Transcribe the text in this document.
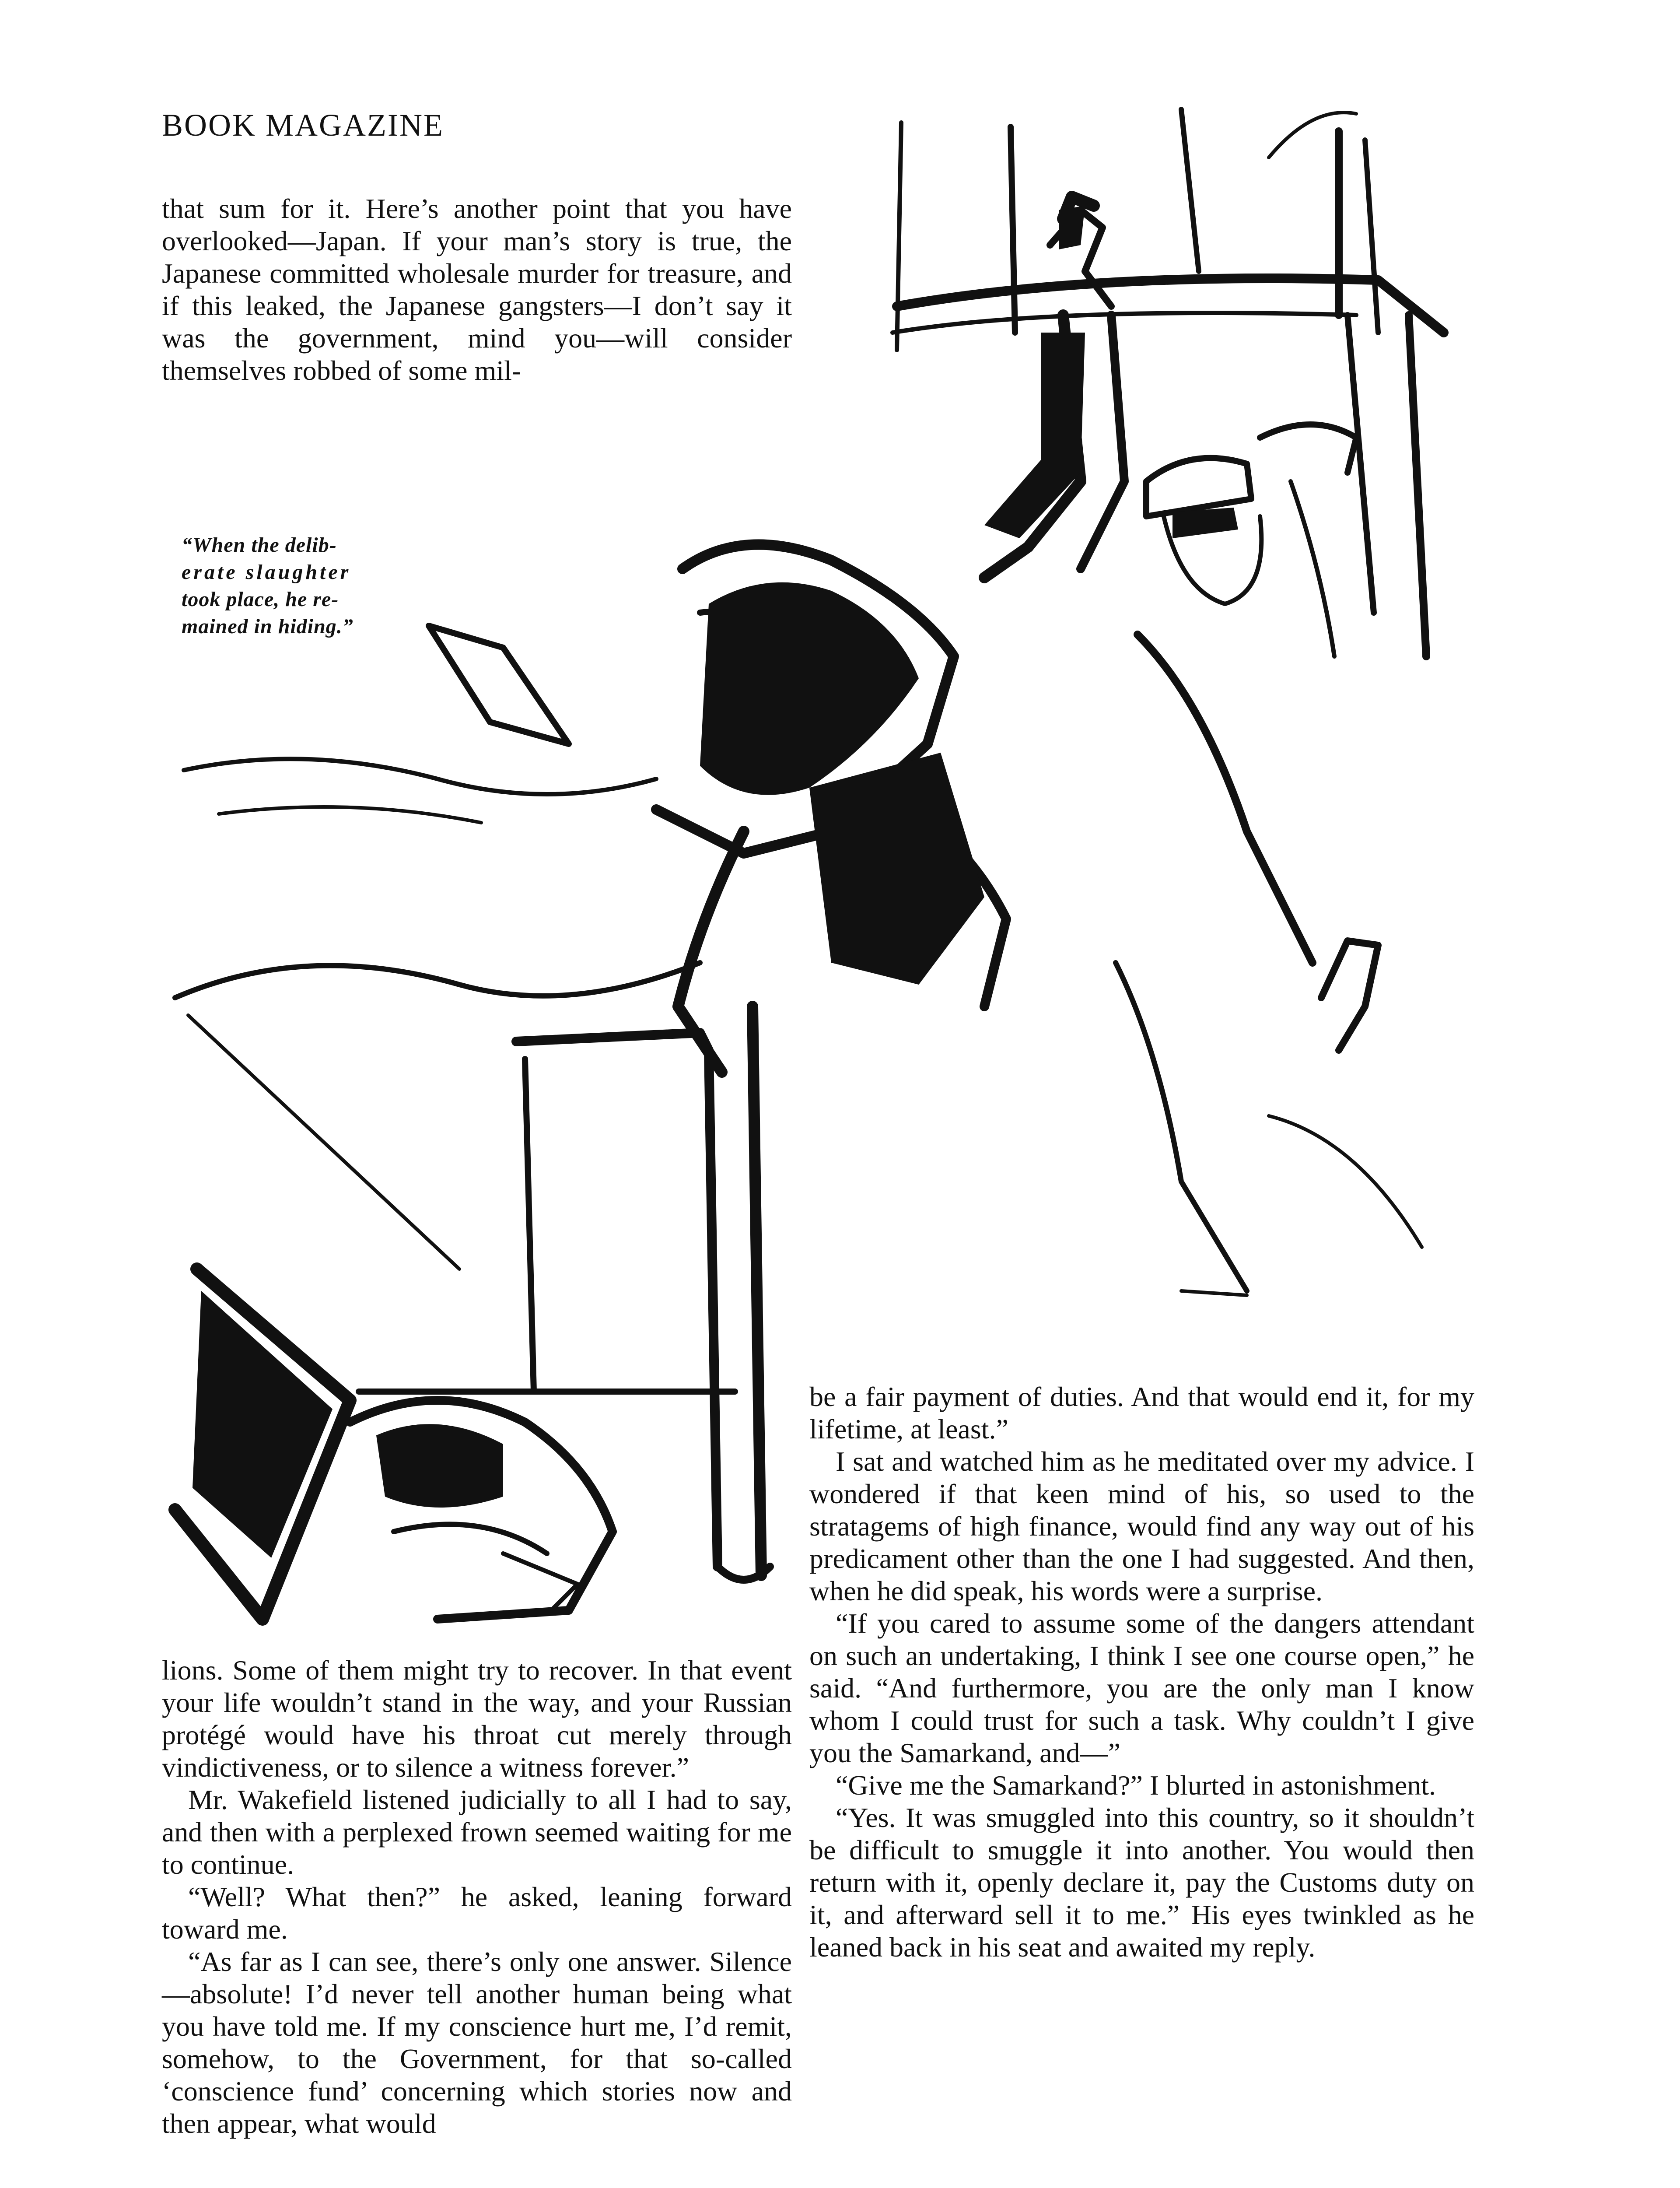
BOOK MAGAZINE

that sum for it. Here’s another point that you have overlooked—Japan. If your man’s story is true, the Japanese committed wholesale murder for treasure, and if this leaked, the Japanese gangsters—I don’t say it was the government, mind you—will consider themselves robbed of some mil-

“When the delib-
erate slaughter
took place, he re-
mained in hiding.”

lions. Some of them might try to recover. In that event your life wouldn’t stand in the way, and your Russian protégé would have his throat cut merely through vindictiveness, or to silence a witness forever.”

Mr. Wakefield listened judicially to all I had to say, and then with a perplexed frown seemed waiting for me to continue.

“Well? What then?” he asked, leaning forward toward me.

“As far as I can see, there’s only one answer. Silence—absolute! I’d never tell another human being what you have told me. If my conscience hurt me, I’d remit, somehow, to the Government, for that so-called ‘conscience fund’ concerning which stories now and then appear, what would

be a fair payment of duties. And that would end it, for my lifetime, at least.”

I sat and watched him as he meditated over my advice. I wondered if that keen mind of his, so used to the stratagems of high finance, would find any way out of his predicament other than the one I had suggested. And then, when he did speak, his words were a surprise.

“If you cared to assume some of the dangers attendant on such an undertaking, I think I see one course open,” he said. “And furthermore, you are the only man I know whom I could trust for such a task. Why couldn’t I give you the Samarkand, and—”

“Give me the Samarkand?” I blurted in astonishment.

“Yes. It was smuggled into this country, so it shouldn’t be difficult to smuggle it into another. You would then return with it, openly declare it, pay the Customs duty on it, and afterward sell it to me.” His eyes twinkled as he leaned back in his seat and awaited my reply.
